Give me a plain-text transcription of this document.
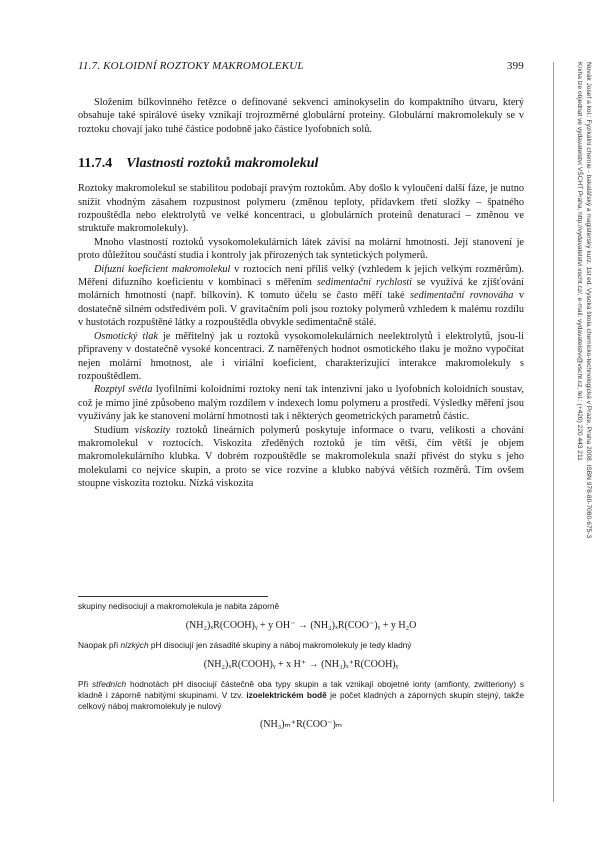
11.7. KOLOIDNÍ ROZTOKY MAKROMOLEKUL	399

Složením bílkovinného řetězce o definované sekvenci aminokyselin do kompaktního útvaru, který obsahuje také spirálové úseky vznikají trojrozměrné globulární proteiny. Globulární makromolekuly se v roztoku chovají jako tuhé částice podobně jako částice lyofobních solů.

11.7.4 Vlastnosti roztoků makromolekul

Roztoky makromolekul se stabilitou podobají pravým roztokům. Aby došlo k vyloučení další fáze, je nutno snížit vhodným zásahem rozpustnost polymeru (změnou teploty, přídavkem třetí složky – špatného rozpouštědla nebo elektrolytů ve velké koncentraci, u globulárních proteinů denaturací – změnou ve struktuře makromolekuly).

Mnoho vlastností roztoků vysokomolekulárních látek závisí na molární hmotnosti. Její stanovení je proto důležitou součástí studia i kontroly jak přírozených tak syntetických polymerů.

Difuzní koeficient makromolekul v roztocích není příliš velký (vzhledem k jejich velkým rozměrům). Měření difuzního koeficientu v kombinaci s měřením sedimentační rychlosti se využívá ke zjišťování molárních hmotností (např. bílkovin). K tomuto účelu se často měří také sedimentační rovnováha v dostatečně silném odstředivém poli. V gravitačním poli jsou roztoky polymerů vzhledem k malému rozdílu v hustotách rozpuštěné látky a rozpouštědla obvykle sedimentačně stálé.

Osmotický tlak je měřitelný jak u roztoků vysokomolekulárních neelektrolytů i elektrolytů, jsou-li připraveny v dostatečně vysoké koncentraci. Z naměřených hodnot osmotického tlaku je možno vypočítat nejen molární hmotnost, ale i viriální koeficient, charakterizující interakce makromolekuly s rozpouštědlem.

Rozptyl světla lyofilními koloidními roztoky není tak intenzivní jako u lyofobních koloidních soustav, což je mimo jiné způsobeno malým rozdílem v indexech lomu polymeru a prostředí. Výsledky měření jsou využívány jak ke stanovení molární hmotnosti tak i některých geometrických parametrů částic.

Studium viskozity roztoků lineárních polymerů poskytuje informace o tvaru, velikosti a chování makromolekul v roztocích. Viskozita zředěných roztoků je tím větší, čím větší je objem makromolekulárního klubka. V dobrém rozpouštědle se makromolekula snaží přivést do styku s jeho molekulami co nejvíce skupin, a proto se více rozvine a klubko nabývá větších rozměrů. Tím ovšem stoupne viskozita roztoku. Nízká viskozita

skupiny nedisociují a makromolekula je nabita záporně

(NH₂)ₓR(COOH)ᵧ + y OH⁻ → (NH₂)ₓR(COO⁻)ᵧ + y H₂O

Naopak při nízkých pH disociují jen zásadité skupiny a náboj makromolekuly je tedy kladný

(NH₂)ₓR(COOH)ᵧ + x H⁺ → (NH₃)ₓ⁺R(COOH)ᵧ

Při středních hodnotách pH disociují částečně oba typy skupin a tak vznikají obojetné ionty (amfionty, zwitteriony) s kladně i záporně nabitými skupinami. V tzv. izoelektrickém bodě je počet kladných a záporných skupin stejný, takže celkový náboj makromolekuly je nulový

(NH₃)ₘ⁺R(COO⁻)ₘ
Novák Josef a kol.: Fyzikální chemie - bakalářský a magisterský kurz. 1st ed. Vysoká škola chemicko-technologická v Praze, Praha 2008. ISBN 978-80-7080-675-3
Kniha lze objednat ve vydavatelství VŠCHT Praha, http://vydavatelstvi.vscht.cz/, e-mail: vydavatelstvi@vscht.cz, tel.: (+420) 220 443 211
